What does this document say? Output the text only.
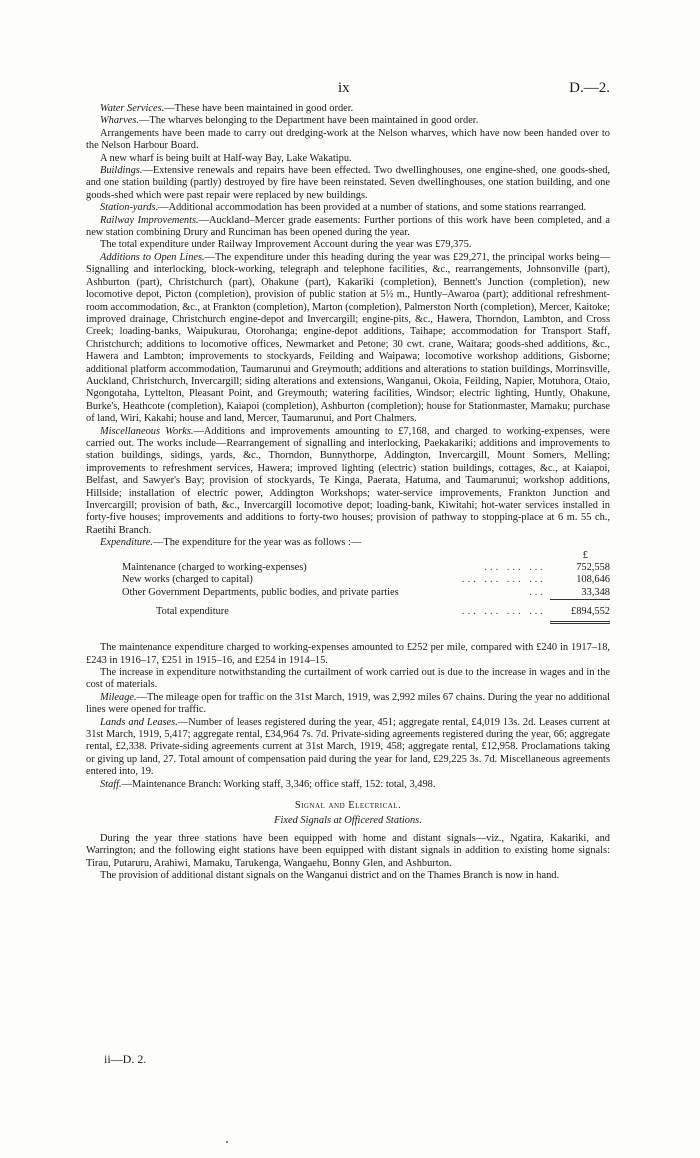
ix	D.—2.

Water Services.—These have been maintained in good order.

Wharves.—The wharves belonging to the Department have been maintained in good order.

Arrangements have been made to carry out dredging-work at the Nelson wharves, which have now been handed over to the Nelson Harbour Board.

A new wharf is being built at Half-way Bay, Lake Wakatipu.

Buildings.—Extensive renewals and repairs have been effected. Two dwellinghouses, one engine-shed, one goods-shed, and one station building (partly) destroyed by fire have been reinstated. Seven dwellinghouses, one station building, and one goods-shed which were past repair were replaced by new buildings.

Station-yards.—Additional accommodation has been provided at a number of stations, and some stations rearranged.

Railway Improvements.—Auckland–Mercer grade easements: Further portions of this work have been completed, and a new station combining Drury and Runciman has been opened during the year.

The total expenditure under Railway Improvement Account during the year was £79,375.

Additions to Open Lines.—The expenditure under this heading during the year was £29,271, the principal works being—Signalling and interlocking, block-working, telegraph and telephone facilities, &c., rearrangements, Johnsonville (part), Ashburton (part), Christchurch (part), Ohakune (part), Kakariki (completion), Bennett's Junction (completion), new locomotive depot, Picton (completion), provision of public station at 5½ m., Huntly–Awaroa (part); additional refreshment-room accommodation, &c., at Frankton (completion), Marton (completion), Palmerston North (completion), Mercer, Kaitoke; improved drainage, Christchurch engine-depot and Invercargill; engine-pits, &c., Hawera, Thorndon, Lambton, and Cross Creek; loading-banks, Waipukurau, Otorohanga; engine-depot additions, Taihape; accommodation for Transport Staff, Christchurch; additions to locomotive offices, Newmarket and Petone; 30 cwt. crane, Waitara; goods-shed additions, &c., Hawera and Lambton; improvements to stockyards, Feilding and Waipawa; locomotive workshop additions, Gisborne; additional platform accommodation, Taumarunui and Greymouth; additions and alterations to station buildings, Morrinsville, Auckland, Christchurch, Invercargill; siding alterations and extensions, Wanganui, Okoia, Feilding, Napier, Motuhora, Otaio, Ngongotaha, Lyttelton, Pleasant Point, and Greymouth; watering facilities, Windsor; electric lighting, Huntly, Ohakune, Burke's, Heathcote (completion), Kaiapoi (completion), Ashburton (completion); house for Stationmaster, Mamaku; purchase of land, Wiri, Kakahi; house and land, Mercer, Taumarunui, and Port Chalmers.

Miscellaneous Works.—Additions and improvements amounting to £7,168, and charged to working-expenses, were carried out. The works include—Rearrangement of signalling and interlocking, Paekakariki; additions and improvements to station buildings, sidings, yards, &c., Thorndon, Bunnythorpe, Addington, Invercargill, Mount Somers, Melling; improvements to refreshment services, Hawera; improved lighting (electric) station buildings, cottages, &c., at Kaiapoi, Belfast, and Sawyer's Bay; provision of stockyards, Te Kinga, Paerata, Hatuma, and Taumarunui; workshop additions, Hillside; installation of electric power, Addington Workshops; water-service improvements, Frankton Junction and Invercargill; provision of bath, &c., Invercargill locomotive depot; loading-bank, Kiwitahi; hot-water services installed in forty-five houses; improvements and additions to forty-two houses; provision of pathway to stopping-place at 6 m. 55 ch., Raetihi Branch.

Expenditure.—The expenditure for the year was as follows :—

£
Maintenance (charged to working-expenses)	... ... ...	752,558
New works (charged to capital)	... ... ... ...	108,646
Other Government Departments, public bodies, and private parties	...	33,348
Total expenditure	... ... ... ...	£894,552

The maintenance expenditure charged to working-expenses amounted to £252 per mile, compared with £240 in 1917–18, £243 in 1916–17, £251 in 1915–16, and £254 in 1914–15.

The increase in expenditure notwithstanding the curtailment of work carried out is due to the increase in wages and in the cost of materials.

Mileage.—The mileage open for traffic on the 31st March, 1919, was 2,992 miles 67 chains. During the year no additional lines were opened for traffic.

Lands and Leases.—Number of leases registered during the year, 451; aggregate rental, £4,019 13s. 2d. Leases current at 31st March, 1919, 5,417; aggregate rental, £34,964 7s. 7d. Private-siding agreements registered during the year, 66; aggregate rental, £2,338. Private-siding agreements current at 31st March, 1919, 458; aggregate rental, £12,958. Proclamations taking or giving up land, 27. Total amount of compensation paid during the year for land, £29,225 3s. 7d. Miscellaneous agreements entered into, 19.

Staff.—Maintenance Branch: Working staff, 3,346; office staff, 152: total, 3,498.

Signal and Electrical.

Fixed Signals at Officered Stations.

During the year three stations have been equipped with home and distant signals—viz., Ngatira, Kakariki, and Warrington; and the following eight stations have been equipped with distant signals in addition to existing home signals: Tirau, Putaruru, Arahiwi, Mamaku, Tarukenga, Wangaehu, Bonny Glen, and Ashburton.

The provision of additional distant signals on the Wanganui district and on the Thames Branch is now in hand.

ii—D. 2.
